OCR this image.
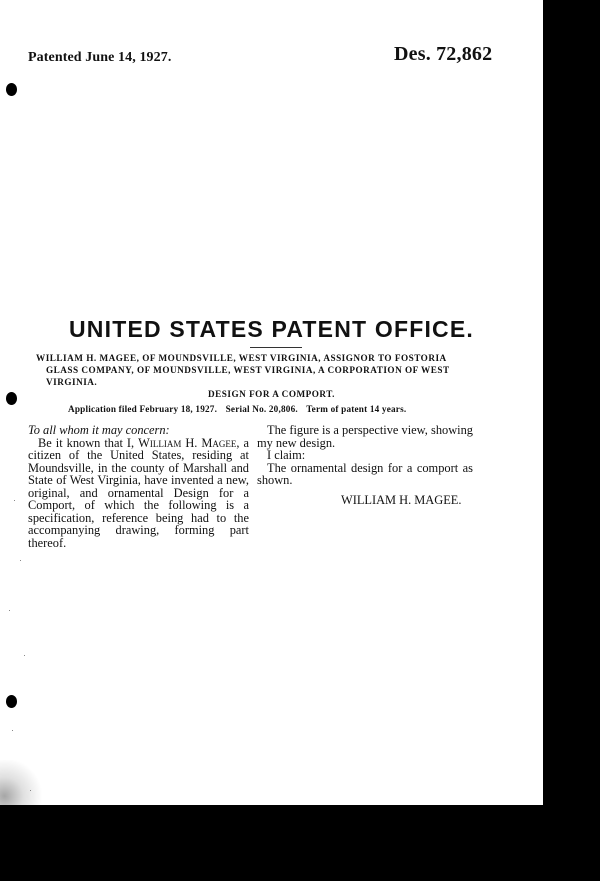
Patented June 14, 1927.	Des. 72,862
UNITED STATES PATENT OFFICE.
WILLIAM H. MAGEE, OF MOUNDSVILLE, WEST VIRGINIA, ASSIGNOR TO FOSTORIA
GLASS COMPANY, OF MOUNDSVILLE, WEST VIRGINIA, A CORPORATION OF WEST
VIRGINIA.
DESIGN FOR A COMPORT.
Application filed February 18, 1927. Serial No. 20,806. Term of patent 14 years.
To all whom it may concern:

Be it known that I, William H. Magee, a citizen of the United States, residing at Moundsville, in the county of Marshall and State of West Virginia, have invented a new, original, and ornamental Design for a Comport, of which the following is a specification, reference being had to the accompanying drawing, forming part thereof.

The figure is a perspective view, showing my new design.

I claim:

The ornamental design for a comport as shown.

WILLIAM H. MAGEE.
